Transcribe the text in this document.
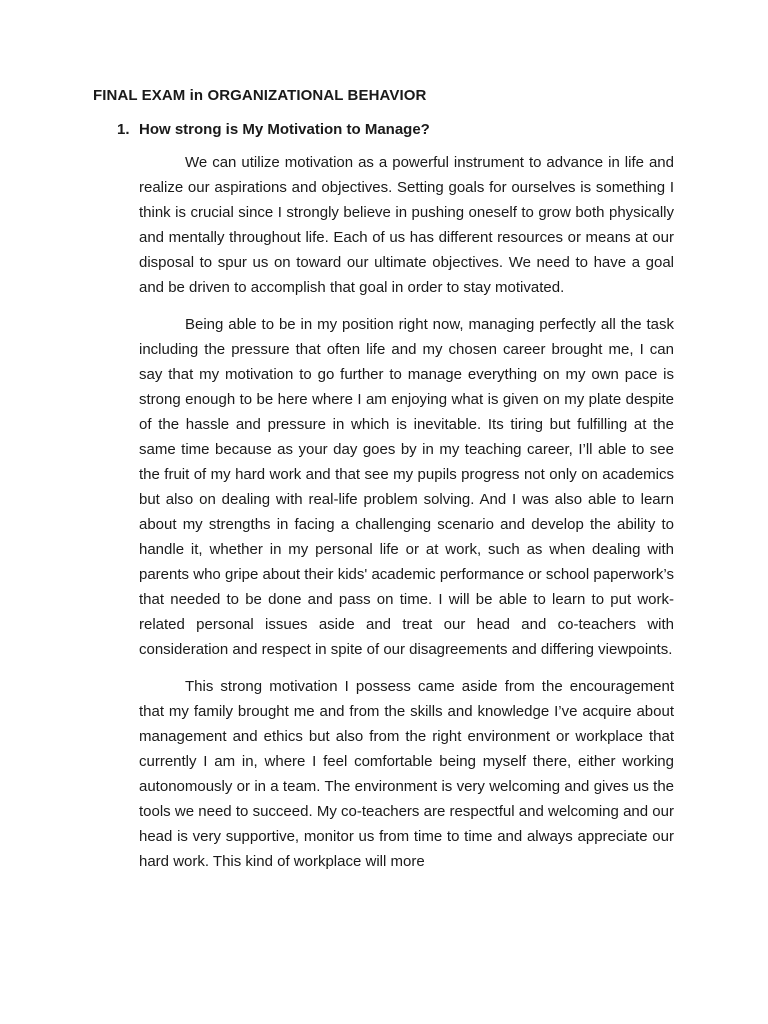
FINAL EXAM in ORGANIZATIONAL BEHAVIOR
1. How strong is My Motivation to Manage?

We can utilize motivation as a powerful instrument to advance in life and realize our aspirations and objectives. Setting goals for ourselves is something I think is crucial since I strongly believe in pushing oneself to grow both physically and mentally throughout life. Each of us has different resources or means at our disposal to spur us on toward our ultimate objectives. We need to have a goal and be driven to accomplish that goal in order to stay motivated.

Being able to be in my position right now, managing perfectly all the task including the pressure that often life and my chosen career brought me, I can say that my motivation to go further to manage everything on my own pace is strong enough to be here where I am enjoying what is given on my plate despite of the hassle and pressure in which is inevitable. Its tiring but fulfilling at the same time because as your day goes by in my teaching career, I’ll able to see the fruit of my hard work and that see my pupils progress not only on academics but also on dealing with real-life problem solving. And I was also able to learn about my strengths in facing a challenging scenario and develop the ability to handle it, whether in my personal life or at work, such as when dealing with parents who gripe about their kids' academic performance or school paperwork’s that needed to be done and pass on time. I will be able to learn to put work-related personal issues aside and treat our head and co-teachers with consideration and respect in spite of our disagreements and differing viewpoints.

This strong motivation I possess came aside from the encouragement that my family brought me and from the skills and knowledge I’ve acquire about management and ethics but also from the right environment or workplace that currently I am in, where I feel comfortable being myself there, either working autonomously or in a team. The environment is very welcoming and gives us the tools we need to succeed. My co-teachers are respectful and welcoming and our head is very supportive, monitor us from time to time and always appreciate our hard work. This kind of workplace will more
